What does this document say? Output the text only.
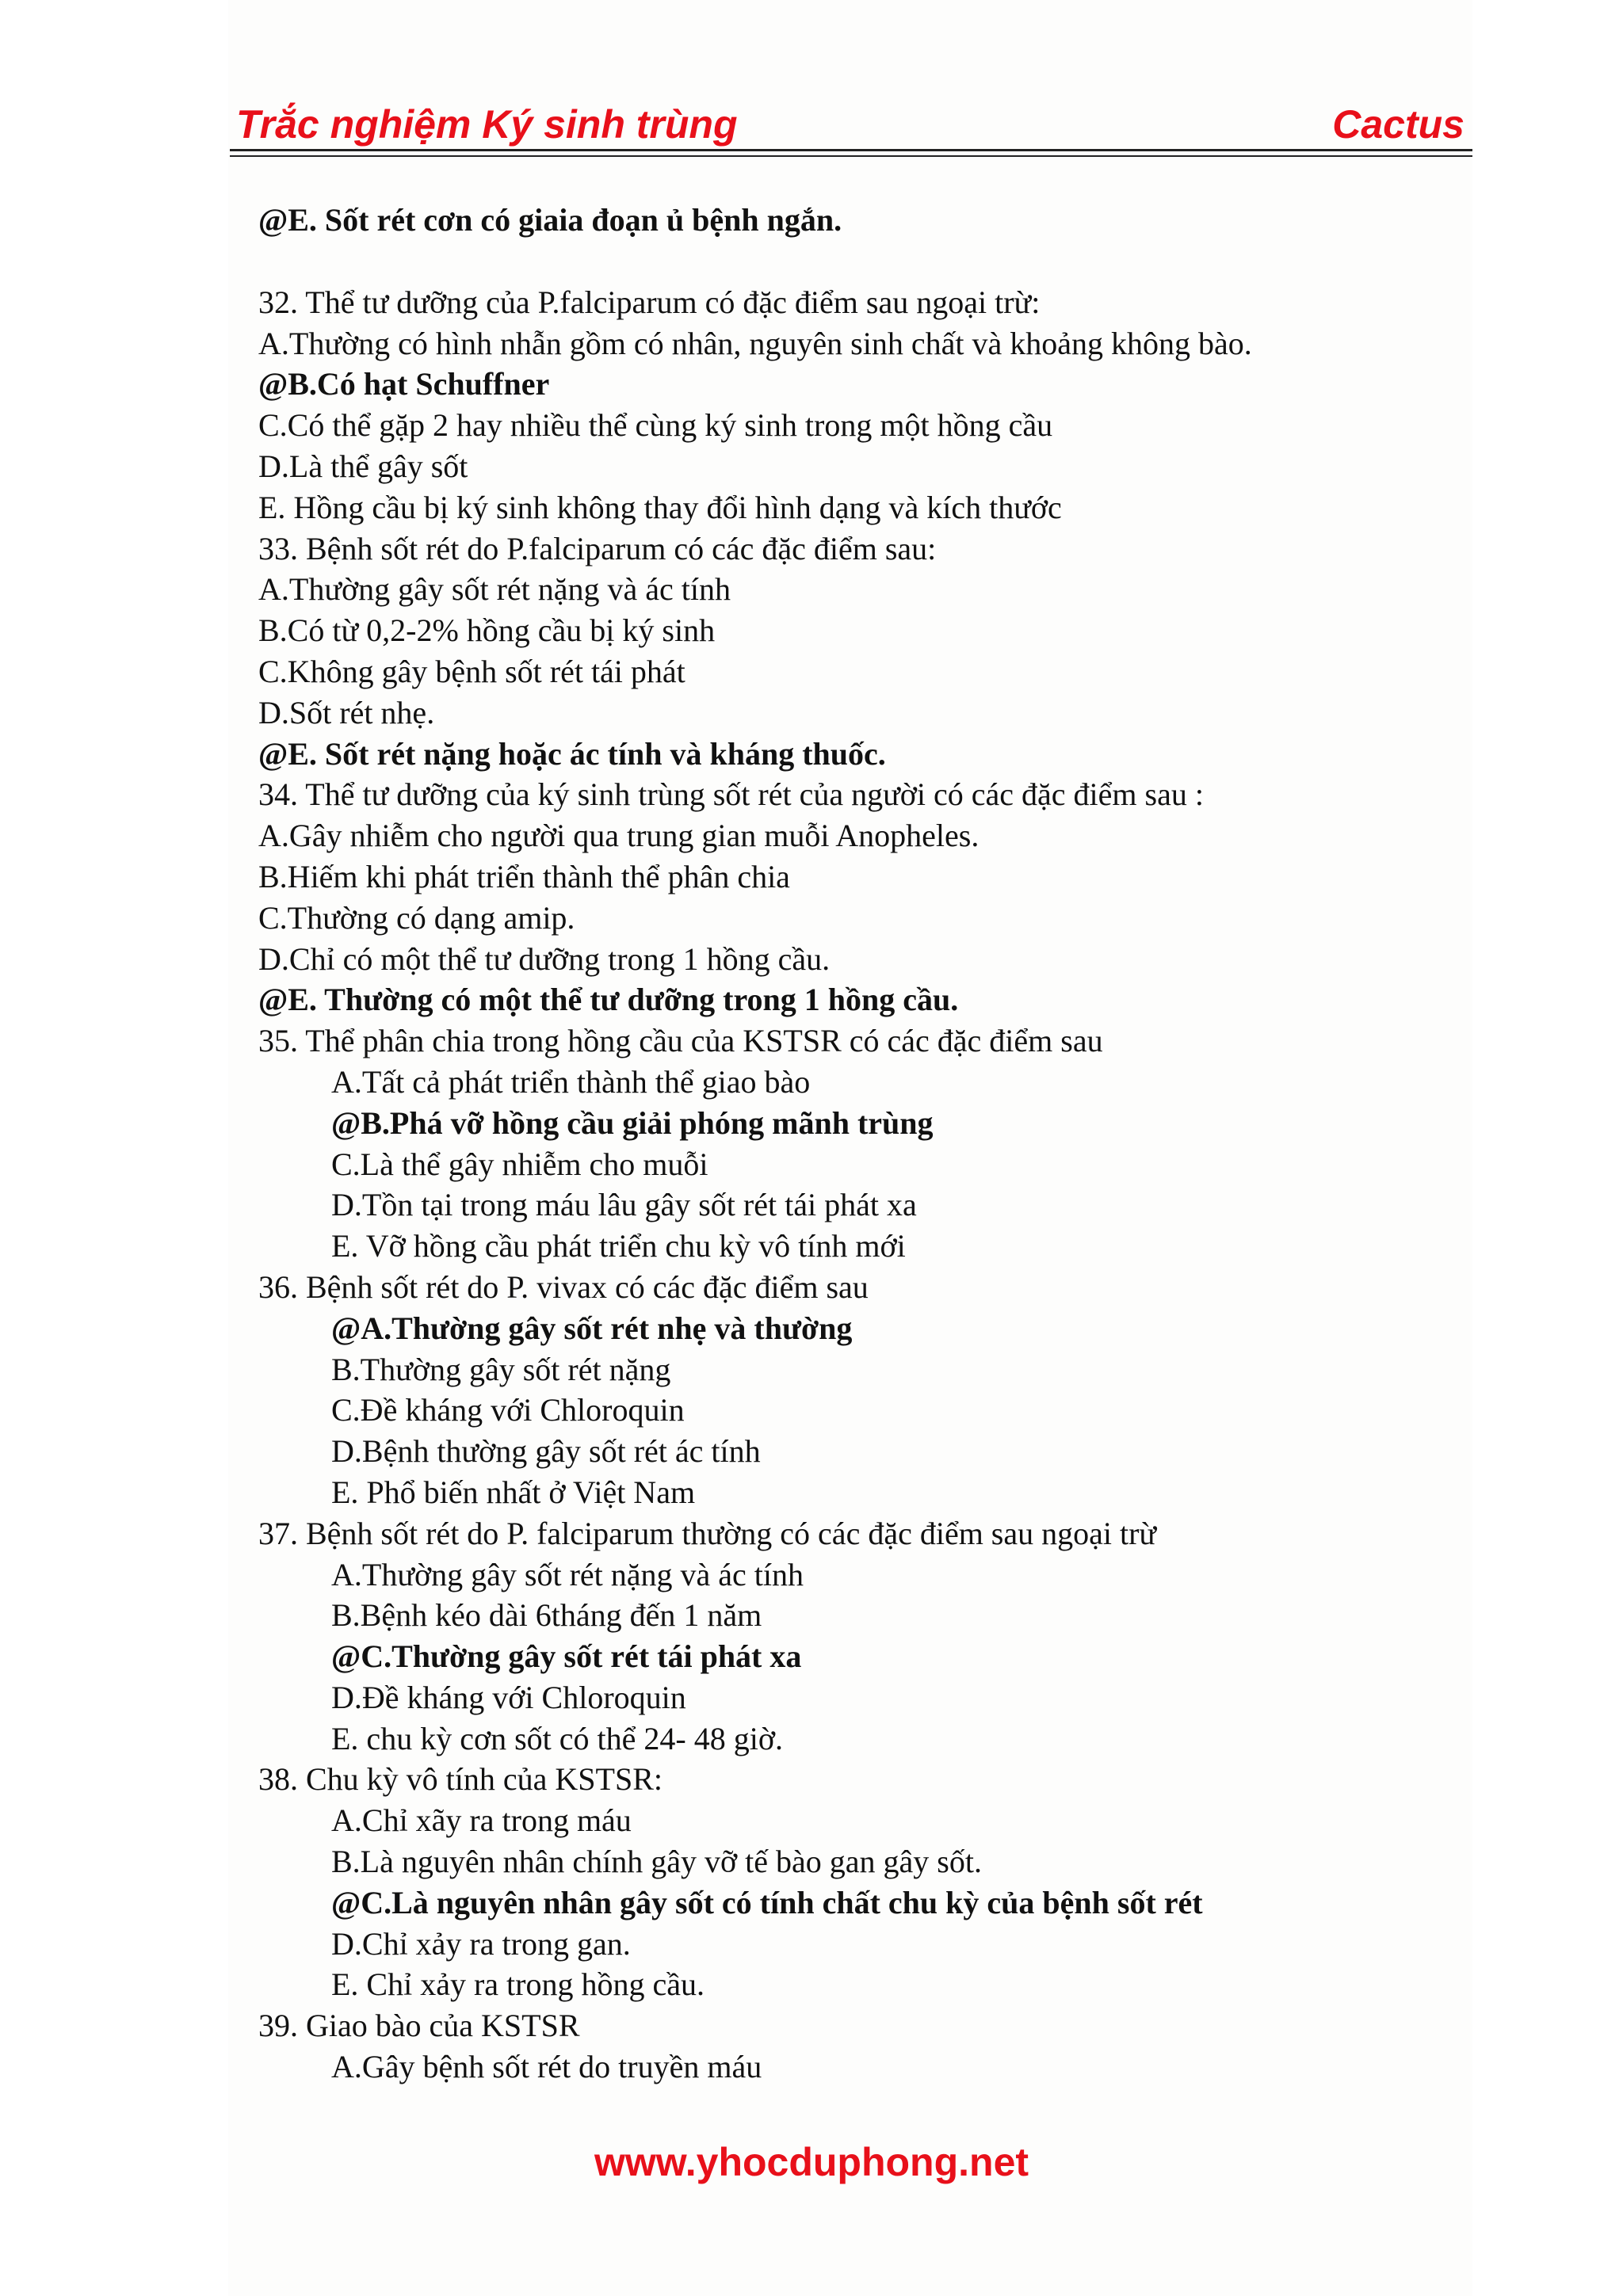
Trắc nghiệm Ký sinh trùng	Cactus
@E. Sốt rét cơn có giaia đoạn ủ bệnh ngắn.
32. Thể tư dưỡng của P.falciparum có đặc điểm sau ngoại trừ:
A.Thường có hình nhẫn gồm có nhân, nguyên sinh chất và khoảng không bào.
@B.Có hạt Schuffner
C.Có thể gặp 2 hay nhiều thể cùng ký sinh trong một hồng cầu
D.Là thể gây sốt
E. Hồng cầu bị ký sinh không thay đổi hình dạng và kích thước
33. Bệnh sốt rét do P.falciparum có các đặc điểm sau:
A.Thường gây sốt rét nặng và ác tính
B.Có từ 0,2-2% hồng cầu bị ký sinh
C.Không gây bệnh sốt rét tái phát
D.Sốt rét nhẹ.
@E. Sốt rét nặng hoặc ác tính và kháng thuốc.
34. Thể tư dưỡng của ký sinh trùng sốt rét của người có các đặc điểm sau :
A.Gây nhiễm cho người qua trung gian muỗi Anopheles.
B.Hiếm khi phát triển thành thể phân chia
C.Thường có dạng amip.
D.Chỉ có một thể tư dưỡng trong 1 hồng cầu.
@E. Thường có một thể tư dưỡng trong 1 hồng cầu.
35. Thể phân chia trong hồng cầu của KSTSR có các đặc điểm sau
A.Tất cả phát triển thành thể giao bào
@B.Phá vỡ hồng cầu giải phóng mãnh trùng
C.Là thể gây nhiễm cho muỗi
D.Tồn tại trong máu lâu gây sốt rét tái phát xa
E. Vỡ hồng cầu phát triển chu kỳ vô tính mới
36. Bệnh sốt rét do P. vivax có các đặc điểm sau
@A.Thường gây sốt rét nhẹ và thường
B.Thường gây sốt rét nặng
C.Đề kháng với Chloroquin
D.Bệnh thường gây sốt rét ác tính
E. Phổ biến nhất ở Việt Nam
37. Bệnh sốt rét do P. falciparum thường có các đặc điểm sau ngoại trừ
A.Thường gây sốt rét nặng và ác tính
B.Bệnh kéo dài 6tháng đến 1 năm
@C.Thường gây sốt rét tái phát xa
D.Đề kháng với Chloroquin
E. chu kỳ cơn sốt có thể 24- 48 giờ.
38. Chu kỳ vô tính của KSTSR:
A.Chỉ xãy ra trong máu
B.Là nguyên nhân chính gây vỡ tế bào gan gây sốt.
@C.Là nguyên nhân gây sốt có tính chất chu kỳ của bệnh sốt rét
D.Chỉ xảy ra trong gan.
E. Chỉ xảy ra trong hồng cầu.
39. Giao bào của KSTSR
A.Gây bệnh sốt rét do truyền máu
www.yhocduphong.net
